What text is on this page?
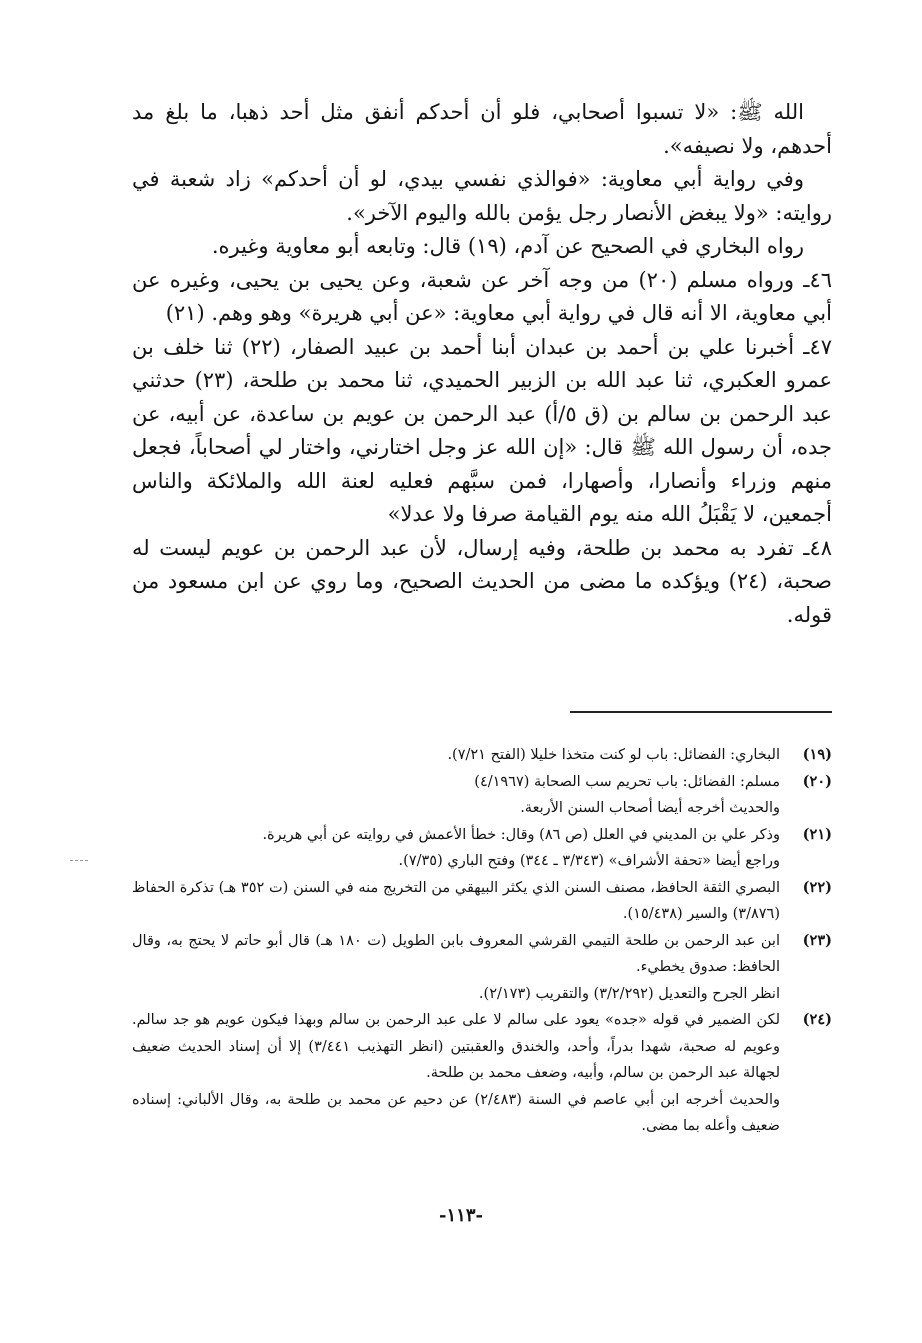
الله ﷺ: «لا تسبوا أصحابي، فلو أن أحدكم أنفق مثل أحد ذهبا، ما بلغ مد أحدهم، ولا نصيفه».

وفي رواية أبي معاوية: «فوالذي نفسي بيدي، لو أن أحدكم» زاد شعبة في روايته: «ولا يبغض الأنصار رجل يؤمن بالله واليوم الآخر».

رواه البخاري في الصحيح عن آدم، (١٩) قال: وتابعه أبو معاوية وغيره.

٤٦ـ ورواه مسلم (٢٠) من وجه آخر عن شعبة، وعن يحيى بن يحيى، وغيره عن أبي معاوية، الا أنه قال في رواية أبي معاوية: «عن أبي هريرة» وهو وهم. (٢١)

٤٧ـ أخبرنا علي بن أحمد بن عبدان أبنا أحمد بن عبيد الصفار، (٢٢) ثنا خلف بن عمرو العكبري، ثنا عبد الله بن الزبير الحميدي، ثنا محمد بن طلحة، (٢٣) حدثني عبد الرحمن بن سالم بن (ق ٥/أ) عبد الرحمن بن عويم بن ساعدة، عن أبيه، عن جده، أن رسول الله ﷺ قال: «إن الله عز وجل اختارني، واختار لي أصحاباً، فجعل منهم وزراء وأنصارا، وأصهارا، فمن سبَّهم فعليه لعنة الله والملائكة والناس أجمعين، لا يَقْبَلُ الله منه يوم القيامة صرفا ولا عدلا»

٤٨ـ تفرد به محمد بن طلحة، وفيه إرسال، لأن عبد الرحمن بن عويم ليست له صحبة، (٢٤) ويؤكده ما مضى من الحديث الصحيح، وما روي عن ابن مسعود من قوله.

(١٩)
البخاري: الفضائل: باب لو كنت متخذا خليلا (الفتح ٧/٢١).
(٢٠)
مسلم: الفضائل: باب تحريم سب الصحابة (٤/١٩٦٧)
والحديث أخرجه أيضا أصحاب السنن الأربعة.
(٢١)
وذكر علي بن المديني في العلل (ص ٨٦) وقال: خطأ الأعمش في روايته عن أبي هريرة.
وراجع أيضا «تحفة الأشراف» (٣/٣٤٣ ـ ٣٤٤) وفتح الباري (٧/٣٥).
(٢٢)
البصري الثقة الحافظ، مصنف السنن الذي يكثر البيهقي من التخريج منه في السنن (ت ٣٥٢ هـ) تذكرة الحفاظ (٣/٨٧٦) والسير (١٥/٤٣٨).
(٢٣)
ابن عبد الرحمن بن طلحة التيمي القرشي المعروف بابن الطويل (ت ١٨٠ هـ) قال أبو حاتم لا يحتج به، وقال الحافظ: صدوق يخطيء.
انظر الجرح والتعديل (٣/٢/٢٩٢) والتقريب (٢/١٧٣).
(٢٤)
لكن الضمير في قوله «جده» يعود على سالم لا على عبد الرحمن بن سالم وبهذا فيكون عويم هو جد سالم. وعويم له صحبة، شهدا بدراً، وأحد، والخندق والعقبتين (انظر التهذيب ٣/٤٤١) إلا أن إسناد الحديث ضعيف لجهالة عبد الرحمن بن سالم، وأبيه، وضعف محمد بن طلحة.
والحديث أخرجه ابن أبي عاصم في السنة (٢/٤٨٣) عن دحيم عن محمد بن طلحة به، وقال الألباني: إسناده ضعيف وأعله بما مضى.
-١١٣-
